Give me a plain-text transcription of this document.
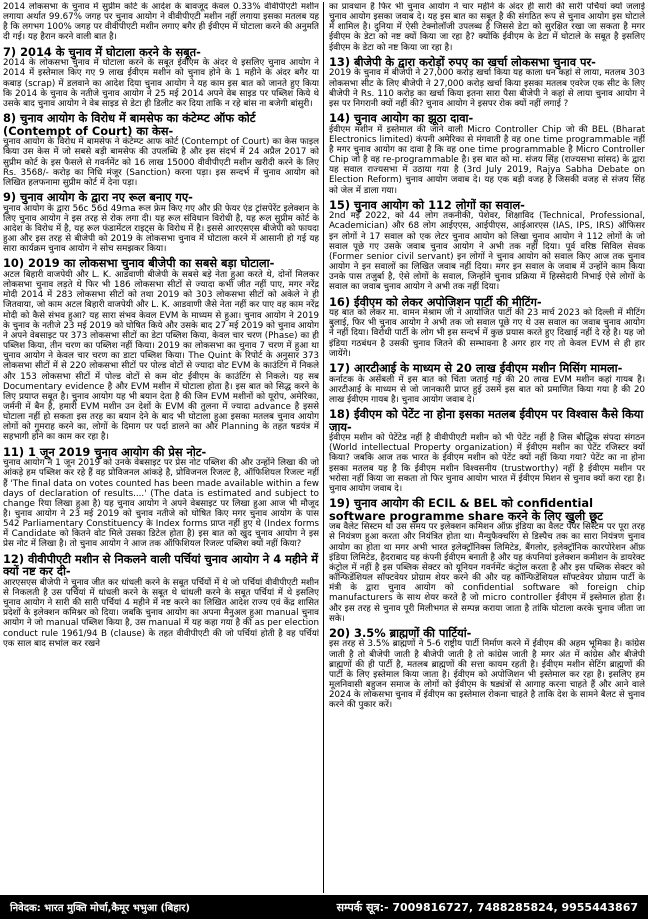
2014 लोकसभा के चुनाव में सुप्रीम कोर्ट के आदेश के बावजूद केवल 0.33% वीवीपीएटी मशीन लगाया अर्थात 99.67% जगह पर चुनाव आयोग ने वीवीपीएटी मशीन नहीं लगाया इसका मतलब यह है कि लगभग 100% जगह पर वीवीपीएटी मशीन लगाए बगैर ही ईवीएम में घोटाला करने की अनुमति दी गई। यह हैरान करने वाली बात है।

7) 2014 के चुनाव में घोटाला करने के सबूत-

2014 के लोकसभा चुनाव में घोटाला करने के सबूत ईवीएम के अंदर थे इसलिए चुनाव आयोग ने 2014 में इस्तेमाल किए गए 9 लाख ईवीएम मशीन को चुनाव होने के 1 महीने के अंदर बगैर या कबाड़ (scrap) में डलवाने का आदेश दिया चुनाव आयोग ने यह काम इस बात को जानते हुए किया कि 2014 के चुनाव के नतीजे चुनाव आयोग ने 25 मई 2014 अपने वेब साइड पर पब्लिश किये थे उसके बाद चुनाव आयोग ने वेब साइड से डेटा ही डिलीट कर दिया ताकि न रहे बांस ना बजेगी बांसुरी।

8) चुनाव आयोग के विरोध में बामसेफ का कंटेम्प्ट ऑफ कोर्ट (Contempt of Court) का केस-

चुनाव आयोग के विरोध में बामसेफ ने कंटेम्प्ट आफ कोर्ट (Contempt of Court) का केस फाइल किया उस केस में जो सबसे बड़ी बामसेफ की उपलब्धि है और इस संदर्भ में 24 अप्रैल 2017 को सुप्रीम कोर्ट के इस फैसले से गवर्नमेंट को 16 लाख 15000 वीवीपीएटी मशीन खरीदी करने के लिए Rs. 3568/- करोड़ का निधि मंजूर (Sanction) करना पड़ा। इस सन्दर्भ में चुनाव आयोग को लिखित हलफनामा सुप्रीम कोर्ट में देना पड़ा।

9) चुनाव आयोग के द्वारा नए रूल बनाए गए-

चुनाव आयोग के द्वारा 56c 56d 49ma रूल फ्रेम किए गए और फ्री फेयर एंड ट्रांसपेरेंट इलेक्शन के लिए चुनाव आयोग ने इस तरह से रोक लगा दी। यह रूल संविधान विरोधी है, यह रूल सुप्रीम कोर्ट के आदेश के विरोध में है, यह रूल फंडामेंटल राइट्स के विरोध में है। इससे आरएसएस बीजेपी को फायदा हुआ और इस तरह से बीजेपी को 2019 के लोकसभा चुनाव में घोटाला करने में आसानी हो गई यह सारा कार्यक्रम चुनाव आयोग ने सोच समझकर किया।

10) 2019 का लोकसभा चुनाव बीजेपी का सबसे बड़ा घोटाला-

अटल बिहारी वाजपेयी और L. K. आडवाणी बीजेपी के सबसे बड़े नेता हुआ करते थे, दोनों मिलकर लोकसभा चुनाव लड़ते थे फिर भी 186 लोकसभा सीटों से ज्यादा कभी जीत नहीं पाए, मगर नरेंद्र मोदी 2014 में 283 लोकसभा सीटों को तथा 2019 को 303 लोकसभा सीटों को अकेले ने ही जितवाया, जो काम अटल बिहारी वाजपेयी और L. K. आडवाणी जैसे नेता नहीं कर पाए वह काम नरेंद्र मोदी को कैसे संभव हुआ? यह सारा संभव केवल EVM के माध्यम से हुआ। चुनाव आयोग ने 2019 के चुनाव के नतीजे 23 मई 2019 को घोषित किये और उसके बाद 27 मई 2019 को चुनाव आयोग ने अपने वेबसाइट पर 373 लोकसभा सीटों का डेटा पब्लिश किया, केवल चार चरण (Phase) का ही पब्लिश किया, तीन चरण का पब्लिश नहीं किया। 2019 का लोकसभा का चुनाव 7 चरण में हुआ था चुनाव आयोग ने केवल चार चरण का डाटा पब्लिश किया। The Quint के रिपोर्ट के अनुसार 373 लोकसभा सीटों में से 220 लोकसभा सीटों पर पोल्ड वोटों से ज्यादा वोट EVM के काउंटिंग में निकले और 153 लोकसभा सीटों में पोल्ड वोटों से कम वोट ईवीएम के काउंटिंग से निकले। यह सब Documentary evidence है और EVM मशीन में घोटाला होता है। इस बात को सिद्ध करने के लिए प्रयाप्त सबूत है। चुनाव आयोग यह भी बयान देता है की जिन EVM मशीनों को यूरोप, अमेरिका, जर्मनी में बैन है, हमारी EVM मशीन उन देशों के EVM की तुलना में ज्यादा advance है इससे घोटाला नहीं हो सकता इस तरह का बयान देने के बाद भी घोटाला हुआ इसका मतलब चुनाव आयोग लोगों को गुमराह करने का, लोगों के दिमाग पर पर्दा डालने का और Planning के तहत षडयंत्र में सहभागी होने का काम कर रहा है।

11) 1 जून 2019 चुनाव आयोग की प्रेस नोट-

चुनाव आयोग ने 1 जून 2019 को उनके वेबसाइट पर प्रेस नोट पब्लिश की और उन्होंने लिखा की जो आंकड़े हम पब्लिश कर रहे हैं वह प्रोविजनल आंकड़े है, प्रोविजनल रिजल्ट है, ऑफिशियल रिजल्ट नहीं हैं 'The final data on votes counted has been made available within a few days of declaration of results....' (The data is estimated and subject to change रिया लिखा हुआ है) यह चुनाव आयोग ने अपने वेबसाइट पर लिखा हुआ आज भी मौजूद है। चुनाव आयोग ने 23 मई 2019 को चुनाव नतीजे को घोषित किए मगर चुनाव आयोग के पास 542 Parliamentary Constituency के Index forms प्राप्त नहीं हुए थे (Index forms में Candidate को कितने वोट मिले उसका डिटेल होता है) इस बात को खुद चुनाव आयोग ने इस प्रेस नोट में लिखा है। तो चुनाव आयोग ने आज तक ऑफिशियल रिजल्ट पब्लिश क्यों नहीं किया?

12) वीवीपीएटी मशीन से निकलने वाली पर्चियां चुनाव आयोग ने 4 महीने में क्यों नष्ट कर दी-

आरएसएस बीजेपी ने चुनाव जीत कर धांधली करने के सबूत पर्चियों में थे जो पर्चियां वीवीपीएटी मशीन से निकलती है उस पर्चियां में धांधली करने के सबूत थे धांधली करने के सबूत पर्चियां में थे इसलिए चुनाव आयोग ने सारी की सारी पर्चियां 4 महीने में नष्ट करने का लिखित आदेश राज्य एवं केंद्र शासित प्रदेशों के इलेक्शन कमिश्नर को दिया। जबकि चुनाव आयोग का अपना मैनुअल हुआ manual चुनाव आयोग ने जो manual पब्लिश किया है, उस manual में यह कहा गया है की as per election conduct rule 1961/94 B (clause) के तहत वीवीपीएटी की जो पर्चियां होती है वह पर्चियां एक साल बाद सभांल कर रखने

का प्रावधान है फिर भी चुनाव आयोग ने चार महीने के अंदर ही सारी की सारी पर्चियां क्यों जलाई चुनाव आयोग इसका जवाब दे। यह इस बात का सबूत है की संगठित रूप से चुनाव आयोग इस घोटाले में शामिल है। दुनिया में ऐसी टेक्नोलॉजी उपलब्ध है जिससे डेटा को सुरक्षित रखा जा सकता है मगर ईवीएम के डेटा को नष्ट क्यों किया जा रहा है? क्योंकि ईवीएम के डेटा में घोटाले के सबूत है इसलिए ईवीएम के डेटा को नष्ट किया जा रहा है।

13) बीजेपी के द्वारा करोड़ों रुपए का खर्चा लोकसभा चुनाव पर-

2019 के चुनाव में बीजेपी ने 27,000 करोड़ खर्चा किया यह काला धन कहां से लाया, मतलब 303 लोकसभा सीट के लिए बीजेपी ने 27,000 करोड़ खर्चा किया इसका मतलब एवरेज एक सीट के लिए बीजेपी ने Rs. 110 करोड़ का खर्चा किया इतना सारा पैसा बीजेपी ने कहां से लाया चुनाव आयोग ने इस पर निगरानी क्यों नहीं की? चुनाव आयोग ने इसपर रोक क्यों नहीं लगाई ?

14) चुनाव आयोग का झूठा दावा-

ईवीएम मशीन में इस्तेमाल की जाने वाली Micro Controller Chip जो की BEL (Bharat Electronics limited) कंपनी अमेरिका से मंगवाती है वह one time programmable नहीं है मगर चुनाव आयोग का दावा है कि वह one time programmable है Micro Controller Chip जो है वह re-programmable है। इस बात को मा. संजय सिंह (राज्यसभा सांसद) के द्वारा यह सवाल राज्यसभा में उठाया गया है (3rd July 2019, Rajya Sabha Debate on Election Reform) चुनाव आयोग जवाब दे। यह एक बड़ी वजह है जिसकी वजह से संजय सिंह को जेल में डाला गया।

15) चुनाव आयोग को 112 लोगों का सवाल-

2nd मई 2022, को 44 लोग तकनीकी, पेशेवर, शिक्षाविद (Technical, Professional, Academician) और 68 लोग आईएएस, आईपीएस, आईआरएस (IAS, IPS, IRS) ऑफिसर इन लोगों ने 17 सवाल को एक लेटर चुनाव आयोग को लिखा चुनाव आयोग ने 112 लोगों के जो सवाल पूछे गए उसके जवाब चुनाव आयोग ने अभी तक नहीं दिया। पूर्व वरिष्ठ सिविल सेवक (Former senior civil servant) इन लोगों ने चुनाव आयोग को सवाल किए आज तक चुनाव आयोग ने इन सवालों का लिखित जवाब नहीं दिया। मगर इन सवाल के जवाब में उन्होंने काम किया उनके पास तजुर्बा है, ऐसे लोगों के सवाल, जिन्होंने चुनाव प्रक्रिया में हिस्सेदारी निभाई ऐसे लोगों के सवाल का जवाब चुनाव आयोग ने अभी तक नहीं दिया।

16) ईवीएम को लेकर अपोजिशन पार्टी की मीटिंग-

यह बात को लेकर मा. वामन मेश्राम जी ने आयोजित पार्टी की 23 मार्च 2023 को दिल्ली में मीटिंग बुलाई, फिर भी चुनाव आयोग ने अभी तक जो सवाल पूछे गए थे उस सवाल का जवाब चुनाव आयोग ने नहीं दिया। विरोधी पार्टी के लोग भी इस सन्दर्भ में कुछ प्रयास करते हुए दिखाई नहीं दे रहे है। यह जो इंडिया गठबंधन है उसकी चुनाव जितने की सम्भावना है अगर हार गए तो केवल EVM से ही हार जायेंगे।

17) आरटीआई के माध्यम से 20 लाख ईवीएम मशीन मिसिंग मामला-

कर्नाटक के असेंबली में इस बात को चिंता जताई गई की 20 लाख EVM मशीन कहां गायब है। आरटीआई के माध्यम से जो जानकारी प्राप्त हुई उसमें इस बात को प्रमाणित किया गया है की 20 लाख ईवीएम गायब है। चुनाव आयोग जवाब दे।

18) ईवीएम को पेटेंट ना होना इसका मतलब ईवीएम पर विश्वास कैसे किया जाय-

ईवीएम मशीन को पेटेंटेड नहीं है वीवीपीएटी मशीन को भी पेटेंट नहीं है जिस बौद्धिक संपदा संगठन (World intellectual Property organization) में ईवीएम मशीन का पेटेंट रजिस्टर क्यों किया? जबकि आज तक भारत के ईवीएम मशीन को पेटेंट क्यों नहीं किया गया? पेटेंट का ना होना इसका मतलब यह है कि ईवीएम मशीन विश्वसनीय (trustworthy) नहीं है ईवीएम मशीन पर भरोसा नहीं किया जा सकता तो फिर चुनाव आयोग भारत में ईवीएम मिशन से चुनाव क्यों करा रहा है। चुनाव आयोग जवाब दे।

19) चुनाव आयोग की ECIL & BEL को confidential software programme share करने के लिए खुली छूट

जब वैलेट सिस्टम था उस समय पर इलेक्शन कमिशन ऑफ़ इंडिया का वैलट पेपर सिस्टम पर पूरा तरह से नियंत्रण हुआ करता और नियंत्रित होता था। मैन्युफैक्चरिंग से डिस्पैच तक का सारा नियंत्रण चुनाव आयोग का होता था मगर अभी भारत इलेक्ट्रॉनिक्स लिमिटेड, बैंगलोर, इलेक्ट्रॉनिक कारपोरेशन ऑफ़ इंडिया लिमिटेड, हैदराबाद यह कंपनी ईवीएम बनाती है और यह कंपनियां इलेक्शन कमीशन के डायरेक्ट कंट्रोल में नहीं है इस पब्लिक सेक्टर को यूनियन गवर्नमेंट कंट्रोल करता है और इस पब्लिक सेक्टर को कॉन्फिडेंशियल सॉफ्टवेयर प्रोग्राम शेयर करने की और यह कॉन्फिडेंशियल सॉफ्टवेयर प्रोग्राम पार्टी के मंत्री के द्वारा चुनाव आयोग को confidential software को foreign chip manufacturers के साथ शेयर करते है जो micro controller ईवीएम में इस्तेमाल होता है। और इस तरह से चुनाव पूरी मिलीभगत से सम्पन्न कराया जाता है तांकि घोटाला करके चुनाव जीता जा सके।

20) 3.5% ब्राह्मणों की पार्टियां-

इस तरह से 3.5% ब्राह्मणों ने 5-6 राष्ट्रीय पार्टी निर्माण करने में ईवीएम की अहम भूमिका है। कांग्रेस जाती है तो बीजेपी जाती है बीजेपी जाती है तो कांग्रेस जाती है मगर अंत में कांग्रेस और बीजेपी ब्राह्मणों की ही पार्टी है, मतलब ब्राह्मणों की सत्ता कायम रहती है। ईवीएम मशीन सेटिंग ब्राह्मणों की पार्टी के लिए इस्तेमाल किया जाता है। ईवीएम को अपोजिशन भी इस्तेमाल कर रहा है। इसलिए हम मूलनिवासी बहुजन समाज के लोगों को ईवीएम के षड्यंत्रों से आगाह करना चाहते हैं और आने वाले 2024 के लोकसभा चुनाव में ईवीएम का इस्तेमाल रोकना चाहते है ताकि देश के सामने बैलट से चुनाव करने की पुकार करें।

निवेदक: भारत मुक्ति मोर्चा,कैमूर भभुआ (बिहार)	सम्पर्क सूत्र:- 7009816727, 7488285824, 9955443867
